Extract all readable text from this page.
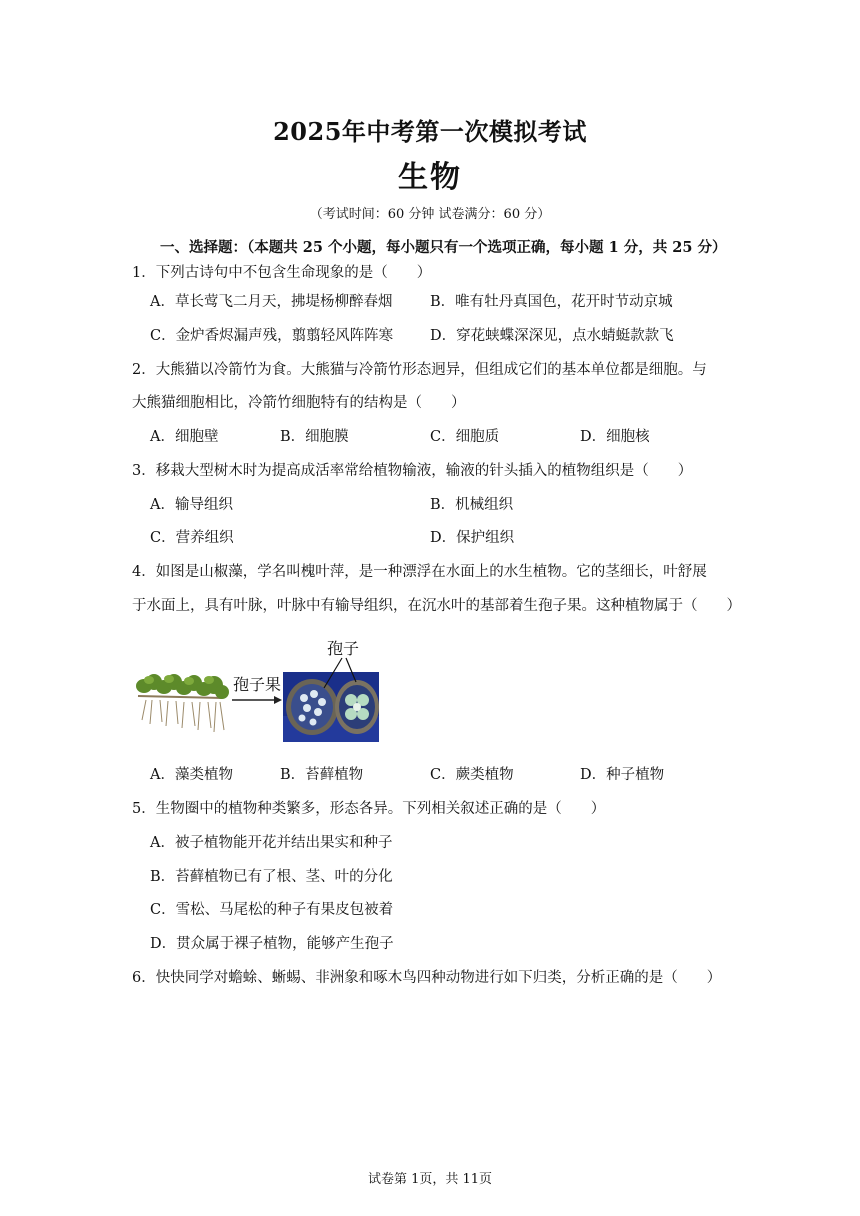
2025年中考第一次模拟考试
生物
（考试时间：60 分钟 试卷满分：60 分）
一、选择题：（本题共 25 个小题，每小题只有一个选项正确，每小题 1 分，共 25 分）
1．下列古诗句中不包含生命现象的是（　　）
A．草长莺飞二月天，拂堤杨柳醉春烟	B．唯有牡丹真国色，花开时节动京城
C．金炉香烬漏声残，翦翦轻风阵阵寒	D．穿花蛱蝶深深见，点水蜻蜓款款飞
2．大熊猫以冷箭竹为食。大熊猫与冷箭竹形态迥异，但组成它们的基本单位都是细胞。与
大熊猫细胞相比，冷箭竹细胞特有的结构是（　　）
A．细胞壁	B．细胞膜	C．细胞质	D．细胞核
3．移栽大型树木时为提高成活率常给植物输液，输液的针头插入的植物组织是（　　）
A．输导组织	B．机械组织
C．营养组织	D．保护组织
4．如图是山椒藻，学名叫槐叶萍，是一种漂浮在水面上的水生植物。它的茎细长，叶舒展
于水面上，具有叶脉，叶脉中有输导组织，在沉水叶的基部着生孢子果。这种植物属于（　　）
孢子果
孢子
A．藻类植物	B．苔藓植物	C．蕨类植物	D．种子植物
5．生物圈中的植物种类繁多，形态各异。下列相关叙述正确的是（　　）
A．被子植物能开花并结出果实和种子
B．苔藓植物已有了根、茎、叶的分化
C．雪松、马尾松的种子有果皮包被着
D．贯众属于裸子植物，能够产生孢子
6．快快同学对蟾蜍、蜥蜴、非洲象和啄木鸟四种动物进行如下归类，分析正确的是（　　）
试卷第 1页，共 11页
